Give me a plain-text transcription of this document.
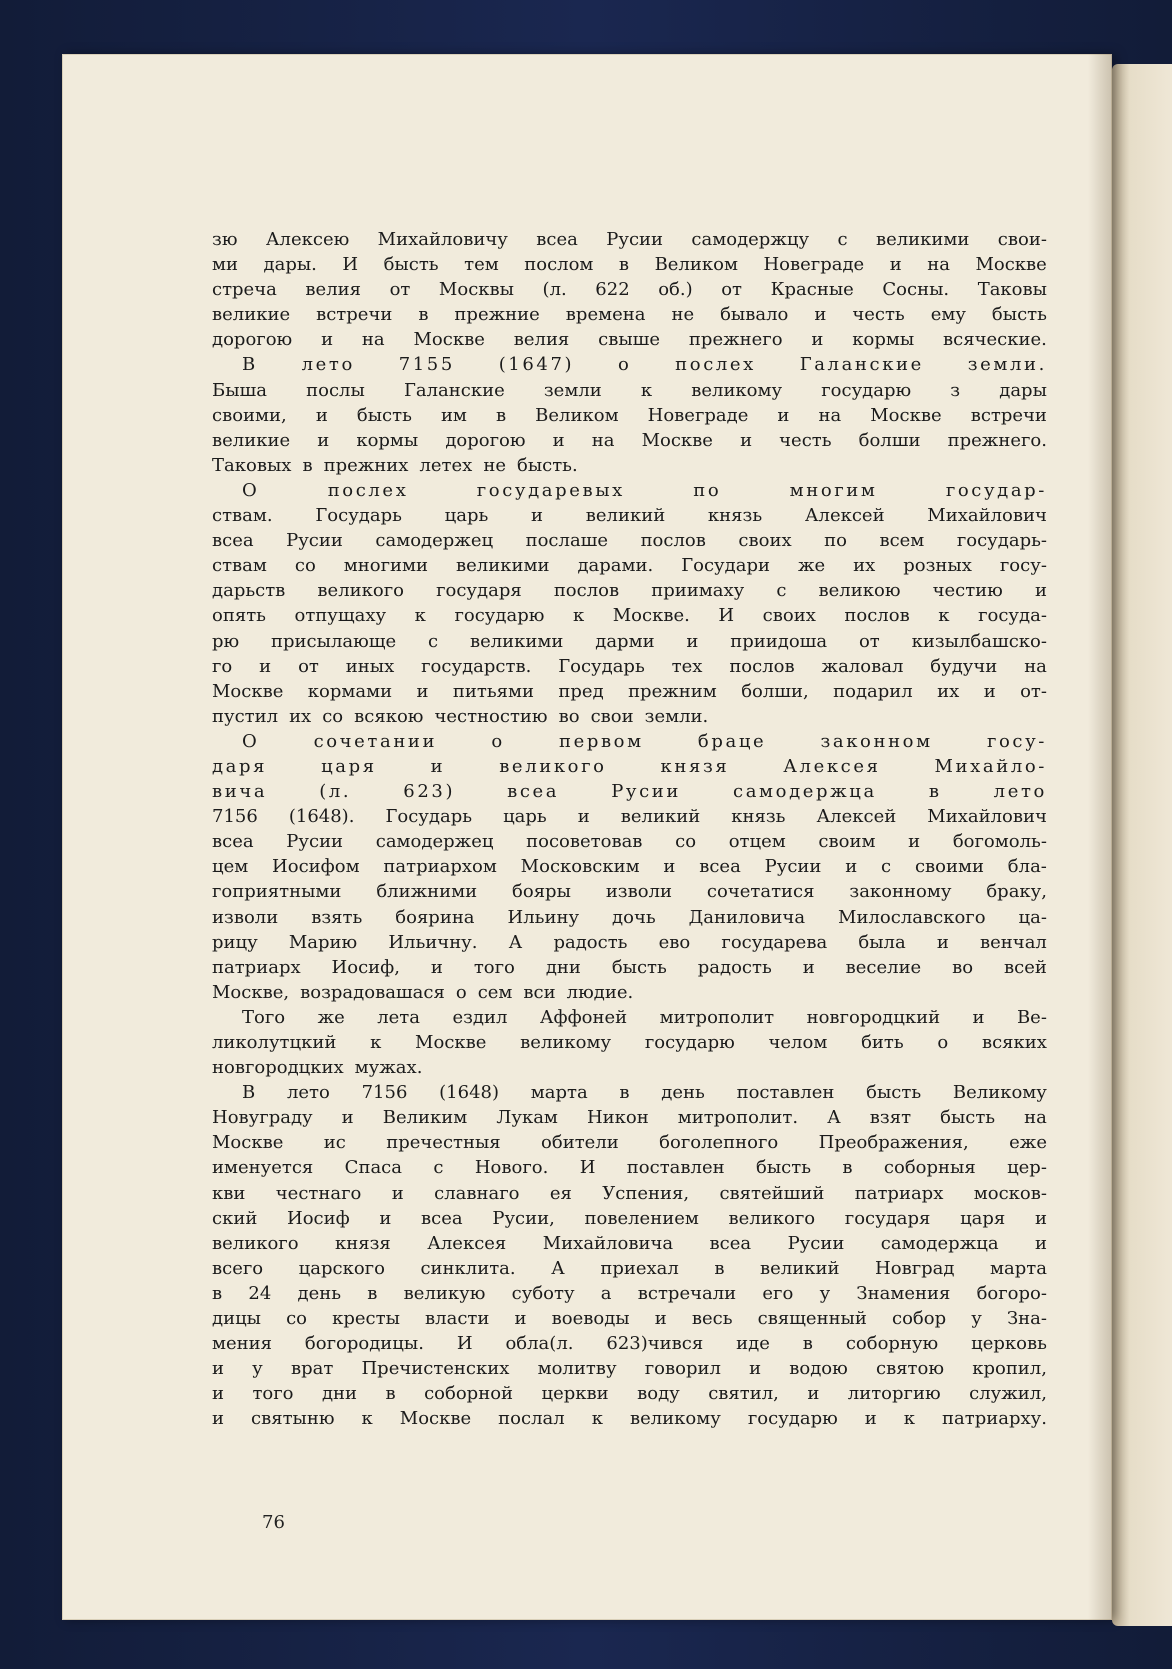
зю Алексею Михайловичу всеа Русии самодержцу с великими свои-
ми дары. И бысть тем послом в Великом Новеграде и на Москве
стреча велия от Москвы (л. 622 об.) от Красные Сосны. Таковы
великие встречи в прежние времена не бывало и честь ему бысть
дорогою и на Москве велия свыше прежнего и кормы всяческие.
В лето 7155 (1647) о послех Галанские земли.
Быша послы Галанские земли к великому государю з дары
своими, и бысть им в Великом Новеграде и на Москве встречи
великие и кормы дорогою и на Москве и честь болши прежнего.
Таковых в прежних летех не бысть.
О	послех	государевых	по	многим	государ-
ствам. Государь царь и великий князь Алексей Михайлович
всеа Русии самодержец послаше послов своих по всем государь-
ствам со многими великими дарами. Государи же их розных госу-
дарьств великого государя послов приимаху с великою честию и
опять отпущаху к государю к Москве. И своих послов к госуда-
рю присылающе с великими дарми и приидоша от кизылбашско-
го и от иных государств. Государь тех послов жаловал будучи на
Москве кормами и питьями пред прежним болши, подарил их и от-
пустил их со всякою честностию во свои земли.
О	сочетании	о	первом	браце	законном	госу-
даря	царя	и	великого	князя	Алексея	Михайло-
вича	(л.	623)	всеа	Русии	самодержца	в	лето
7156 (1648). Государь царь и великий князь Алексей Михайлович
всеа Русии самодержец посоветовав со отцем своим и богомоль-
цем Иосифом патриархом Московским и всеа Русии и с своими бла-
гоприятными ближними бояры изволи сочетатися законному браку,
изволи взять боярина Ильину дочь Даниловича Милославского ца-
рицу Марию Ильичну. А радость ево государева была и венчал
патриарх Иосиф, и того дни бысть радость и веселие во всей
Москве, возрадовашася о сем вси людие.
Того же лета ездил Аффоней митрополит новгородцкий и Ве-
ликолутцкий к Москве великому государю челом бить о всяких
новгородцких мужах.
В лето 7156 (1648) марта в день поставлен бысть Великому
Новуграду и Великим Лукам Никон митрополит. А взят бысть на
Москве ис пречестныя обители боголепного Преображения, еже
именуется Спаса с Нового. И поставлен бысть в соборныя цер-
кви честнаго и славнаго ея Успения, святейший патриарх москов-
ский Иосиф и всеа Русии, повелением великого государя царя и
великого князя Алексея Михайловича всеа Русии самодержца и
всего царского синклита. А приехал в великий Новград марта
в 24 день в великую суботу а встречали его у Знамения богоро-
дицы со кресты власти и воеводы и весь священный собор у Зна-
мения богородицы. И обла(л. 623)чився иде в соборную церковь
и у врат Пречистенских молитву говорил и водою святою кропил,
и того дни в соборной церкви воду святил, и литоргию служил,
и святыню к Москве послал к великому государю и к патриарху.
76
